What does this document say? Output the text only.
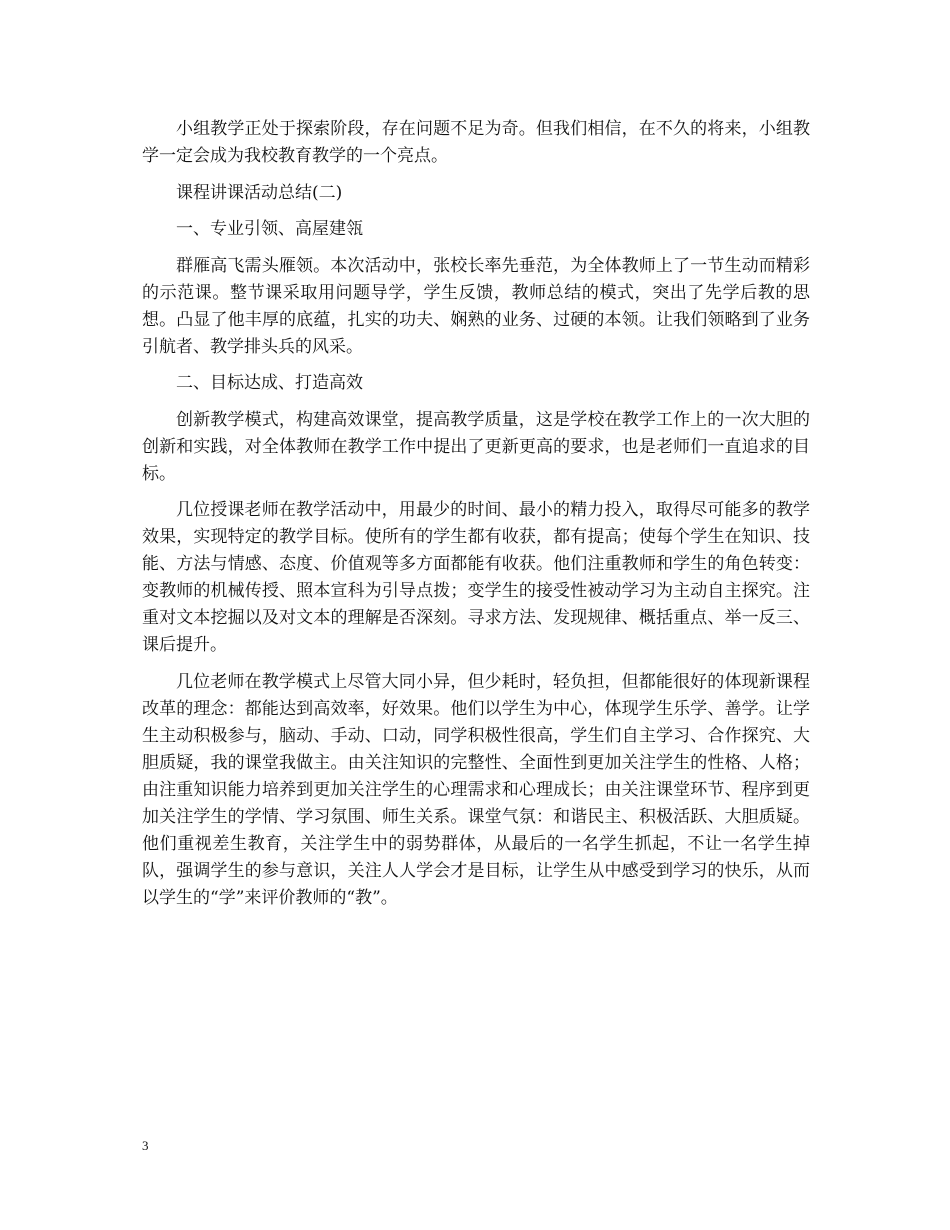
小组教学正处于探索阶段，存在问题不足为奇。但我们相信，在不久的将来，小组教学一定会成为我校教育教学的一个亮点。

课程讲课活动总结(二)

一、专业引领、高屋建瓴

群雁高飞需头雁领。本次活动中，张校长率先垂范，为全体教师上了一节生动而精彩的示范课。整节课采取用问题导学，学生反馈，教师总结的模式，突出了先学后教的思想。凸显了他丰厚的底蕴，扎实的功夫、娴熟的业务、过硬的本领。让我们领略到了业务引航者、教学排头兵的风采。

二、目标达成、打造高效

创新教学模式，构建高效课堂，提高教学质量，这是学校在教学工作上的一次大胆的创新和实践，对全体教师在教学工作中提出了更新更高的要求，也是老师们一直追求的目标。

几位授课老师在教学活动中，用最少的时间、最小的精力投入，取得尽可能多的教学效果，实现特定的教学目标。使所有的学生都有收获，都有提高；使每个学生在知识、技能、方法与情感、态度、价值观等多方面都能有收获。他们注重教师和学生的角色转变：变教师的机械传授、照本宣科为引导点拨；变学生的接受性被动学习为主动自主探究。注重对文本挖掘以及对文本的理解是否深刻。寻求方法、发现规律、概括重点、举一反三、课后提升。

几位老师在教学模式上尽管大同小异，但少耗时，轻负担，但都能很好的体现新课程改革的理念：都能达到高效率，好效果。他们以学生为中心，体现学生乐学、善学。让学生主动积极参与，脑动、手动、口动，同学积极性很高，学生们自主学习、合作探究、大胆质疑，我的课堂我做主。由关注知识的完整性、全面性到更加关注学生的性格、人格；由注重知识能力培养到更加关注学生的心理需求和心理成长；由关注课堂环节、程序到更加关注学生的学情、学习氛围、师生关系。课堂气氛：和谐民主、积极活跃、大胆质疑。他们重视差生教育，关注学生中的弱势群体，从最后的一名学生抓起，不让一名学生掉队，强调学生的参与意识，关注人人学会才是目标，让学生从中感受到学习的快乐，从而以学生的“学”来评价教师的“教”。

3
